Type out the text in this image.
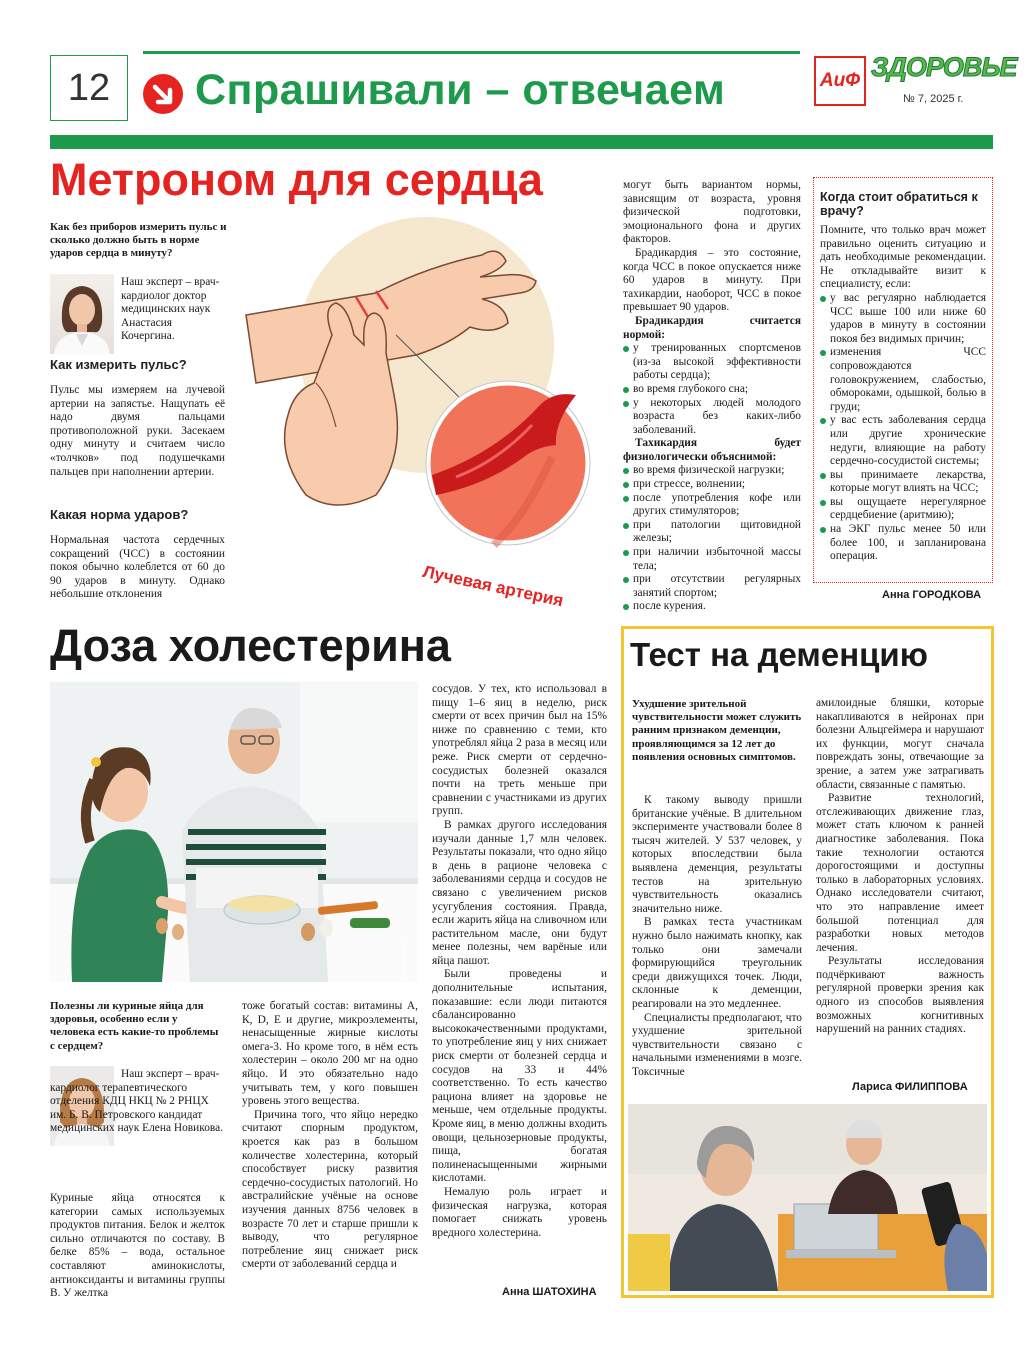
12 Спрашивали – отвечаем	АиФ ЗДОРОВЬЕ
№ 7, 2025 г.
Метроном для сердца
Как без приборов измерить пульс и сколько должно быть в норме ударов сердца в минуту?
Наш эксперт – врач-кардиолог доктор медицинских наук Анастасия Кочергина.
Как измерить пульс?
Пульс мы измеряем на лучевой артерии на запястье. Нащупать её надо двумя пальцами противоположной руки. Засекаем одну минуту и считаем число «толчков» под подушечками пальцев при наполнении артерии.
Какая норма ударов?
Нормальная частота сердечных сокращений (ЧСС) в состоянии покоя обычно колеблется от 60 до 90 ударов в минуту. Однако небольшие отклонения	Лучевая артерия

могут быть вариантом нормы, зависящим от возраста, уровня физической подготовки, эмоционального фона и других факторов.

Брадикардия – это состояние, когда ЧСС в покое опускается ниже 60 ударов в минуту. При тахикардии, наоборот, ЧСС в покое превышает 90 ударов.

Брадикардия считается нормой:

у тренированных спортсменов (из-за высокой эффективности работы сердца);
во время глубокого сна;
у некоторых людей молодого возраста без каких-либо заболеваний.

Тахикардия будет физиологически объяснимой:

во время физической нагрузки;
при стрессе, волнении;
после употребления кофе или других стимуляторов;
при патологии щитовидной железы;
при наличии избыточной массы тела;
при отсутствии регулярных занятий спортом;
после курения.
Когда стоит обратиться к врачу?

Помните, что только врач может правильно оценить ситуацию и дать необходимые рекомендации. Не откладывайте визит к специалисту, если:

у вас регулярно наблюдается ЧСС выше 100 или ниже 60 ударов в минуту в состоянии покоя без видимых причин;
изменения ЧСС сопровождаются головокружением, слабостью, обмороками, одышкой, болью в груди;
у вас есть заболевания сердца или другие хронические недуги, влияющие на работу сердечно-сосудистой системы;
вы принимаете лекарства, которые могут влиять на ЧСС;
вы ощущаете нерегулярное сердцебиение (аритмию);
на ЭКГ пульс менее 50 или более 100, и запланирована операция.
Анна ГОРОДКОВА
Доза холестерина
Фото Shutterstock
Полезны ли куриные яйца для здоровья, особенно если у человека есть какие-то проблемы с сердцем?
Наш эксперт – врач-кардиолог терапевтического отделения КДЦ НКЦ № 2 РНЦХ им. Б. В. Петровского кандидат медицинских наук Елена Новикова.

Куриные яйца относятся к категории самых используемых продуктов питания. Белок и желток сильно отличаются по составу. В белке 85% – вода, остальное составляют аминокислоты, антиоксиданты и витамины группы В. У желтка

тоже богатый состав: витамины А, К, D, Е и другие, микроэлементы, ненасыщенные жирные кислоты омега-3. Но кроме того, в нём есть холестерин – около 200 мг на одно яйцо. И это обязательно надо учитывать тем, у кого повышен уровень этого вещества.

Причина того, что яйцо нередко считают спорным продуктом, кроется как раз в большом количестве холестерина, который способствует риску развития сердечно-сосудистых патологий. Но австралийские учёные на основе изучения данных 8756 человек в возрасте 70 лет и старше пришли к выводу, что регулярное потребление яиц снижает риск смерти от заболеваний сердца и

сосудов. У тех, кто использовал в пищу 1–6 яиц в неделю, риск смерти от всех причин был на 15% ниже по сравнению с теми, кто употреблял яйца 2 раза в месяц или реже. Риск смерти от сердечно-сосудистых болезней оказался почти на треть меньше при сравнении с участниками из других групп.

В рамках другого исследования изучали данные 1,7 млн человек. Результаты показали, что одно яйцо в день в рационе человека с заболеваниями сердца и сосудов не связано с увеличением рисков усугубления состояния. Правда, если жарить яйца на сливочном или растительном масле, они будут менее полезны, чем варёные или яйца пашот.

Были проведены и дополнительные испытания, показавшие: если люди питаются сбалансированно высококачественными продуктами, то употребление яиц у них снижает риск смерти от болезней сердца и сосудов на 33 и 44% соответственно. То есть качество рациона влияет на здоровье не меньше, чем отдельные продукты. Кроме яиц, в меню должны входить овощи, цельнозерновые продукты, пища, богатая полиненасыщенными жирными кислотами.

Немалую роль играет и физическая нагрузка, которая помогает снижать уровень вредного холестерина.

Анна ШАТОХИНА
Тест на деменцию
Ухудшение зрительной чувствительности может служить ранним признаком деменции, проявляющимся за 12 лет до появления основных симптомов.

К такому выводу пришли британские учёные. В длительном эксперименте участвовали более 8 тысяч жителей. У 537 человек, у которых впоследствии была выявлена деменция, результаты тестов на зрительную чувствительность оказались значительно ниже.

В рамках теста участникам нужно было нажимать кнопку, как только они замечали формирующийся треугольник среди движущихся точек. Люди, склонные к деменции, реагировали на это медленнее.

Специалисты предполагают, что ухудшение зрительной чувствительности связано с начальными изменениями в мозге. Токсичные

амилоидные бляшки, которые накапливаются в нейронах при болезни Альцгеймера и нарушают их функции, могут сначала повреждать зоны, отвечающие за зрение, а затем уже затрагивать области, связанные с памятью.

Развитие технологий, отслеживающих движение глаз, может стать ключом к ранней диагностике заболевания. Пока такие технологии остаются дорогостоящими и доступны только в лабораторных условиях. Однако исследователи считают, что это направление имеет большой потенциал для разработки новых методов лечения.

Результаты исследования подчёркивают важность регулярной проверки зрения как одного из способов выявления возможных когнитивных нарушений на ранних стадиях.

Лариса ФИЛИППОВА
